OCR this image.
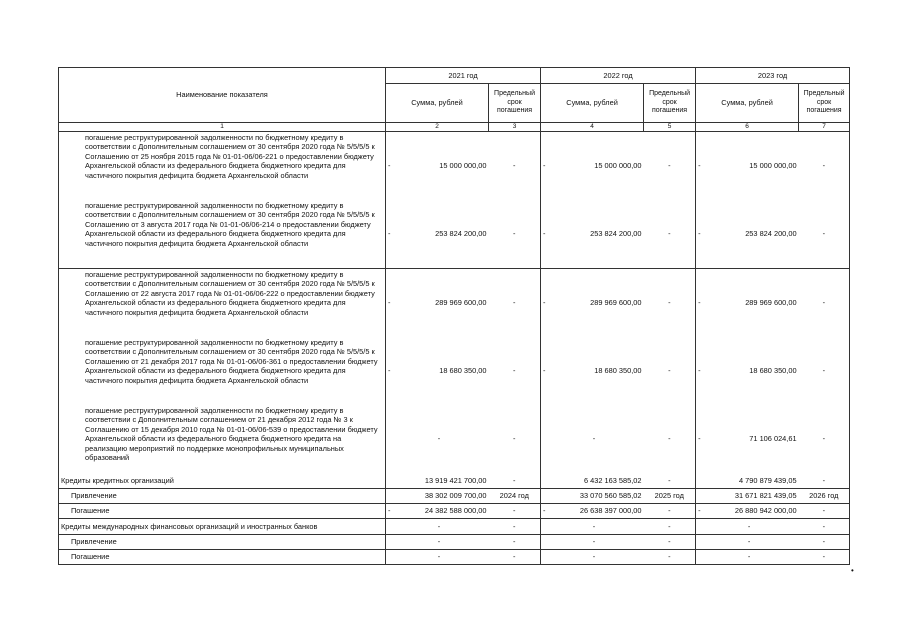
Наименование показателя	2021 год			2022 год			2023 год		
	Сумма, рублей		Предельный срок погашения	Сумма, рублей		Предельный срок погашения	Сумма, рублей		Предельный срок погашения
1	2		3	4		5	6		7
погашение реструктурированной задолженности по бюджетному кредиту в соответствии с Дополнительным соглашением от 30 сентября 2020 года № 5/5/5/5 к Соглашению от 25 ноября 2015 года № 01-01-06/06-221 о предоставлении бюджету Архангельской области из федерального бюджета бюджетного кредита для частичного покрытия дефицита бюджета Архангельской области	-	15 000 000,00	-	-	15 000 000,00	-	-	15 000 000,00	-
погашение реструктурированной задолженности по бюджетному кредиту в соответствии с Дополнительным соглашением от 30 сентября 2020 года № 5/5/5/5 к Соглашению от 3 августа 2017 года № 01-01-06/06-214 о предоставлении бюджету Архангельской области из федерального бюджета бюджетного кредита для частичного покрытия дефицита бюджета Архангельской области	-	253 824 200,00	-	-	253 824 200,00	-	-	253 824 200,00	-
погашение реструктурированной задолженности по бюджетному кредиту в соответствии с Дополнительным соглашением от 30 сентября 2020 года № 5/5/5/5 к Соглашению от 22 августа 2017 года № 01-01-06/06-222 о предоставлении бюджету Архангельской области из федерального бюджета бюджетного кредита для частичного покрытия дефицита бюджета Архангельской области	-	289 969 600,00	-	-	289 969 600,00	-	-	289 969 600,00	-
погашение реструктурированной задолженности по бюджетному кредиту в соответствии с Дополнительным соглашением от 30 сентября 2020 года № 5/5/5/5 к Соглашению от 21 декабря 2017 года № 01-01-06/06-361 о предоставлении бюджету Архангельской области из федерального бюджета бюджетного кредита для частичного покрытия дефицита бюджета Архангельской области	-	18 680 350,00	-	-	18 680 350,00	-	-	18 680 350,00	-
погашение реструктурированной задолженности по бюджетному кредиту в соответствии с Дополнительным соглашением от 21 декабря 2012 года № 3 к Соглашению от 15 декабря 2010 года № 01-01-06/06-539 о предоставлении бюджету Архангельской области из федерального бюджета бюджетного кредита на реализацию мероприятий по поддержке монопрофильных муниципальных образований		-	-		-	-	-	71 106 024,61	-
Кредиты кредитных организаций		13 919 421 700,00	-		6 432 163 585,02	-		4 790 879 439,05	-
Привлечение		38 302 009 700,00	2024 год		33 070 560 585,02	2025 год		31 671 821 439,05	2026 год
Погашение	-	24 382 588 000,00	-	-	26 638 397 000,00	-	-	26 880 942 000,00	-
Кредиты международных финансовых организаций и иностранных банков		-	-		-	-		-	-
Привлечение		-	-		-	-		-	-
Погашение		-	-		-	-		-	-
•
